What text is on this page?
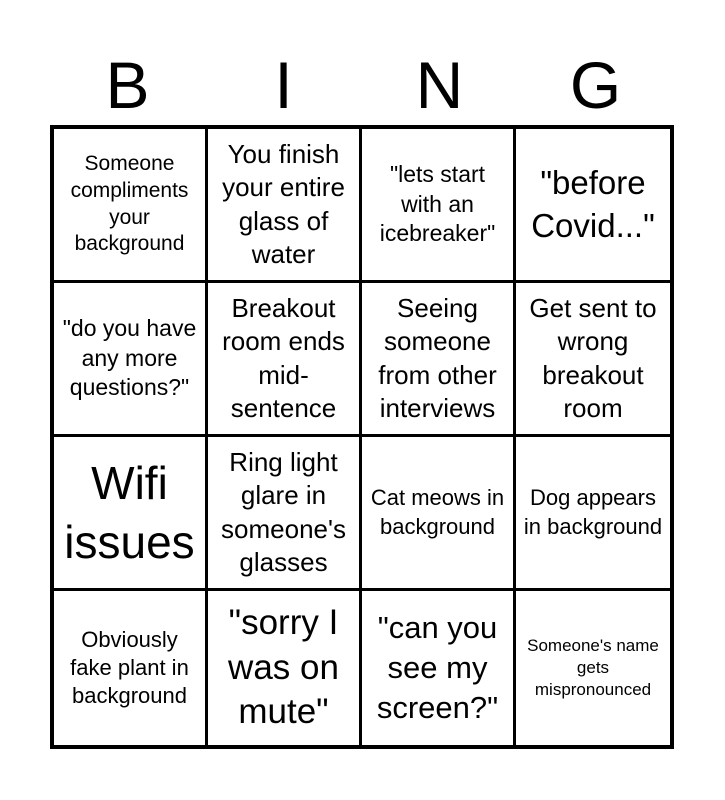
B	I	N	G
Someone compliments your background
You finish your entire glass of water
"lets start with an icebreaker"
"before Covid..."
"do you have any more questions?"
Breakout room ends mid-sentence
Seeing someone from other interviews
Get sent to wrong breakout room
Wifi issues
Ring light glare in someone's glasses
Cat meows in background
Dog appears in background
Obviously fake plant in background
"sorry I was on mute"
"can you see my screen?"
Someone's name gets mispronounced
